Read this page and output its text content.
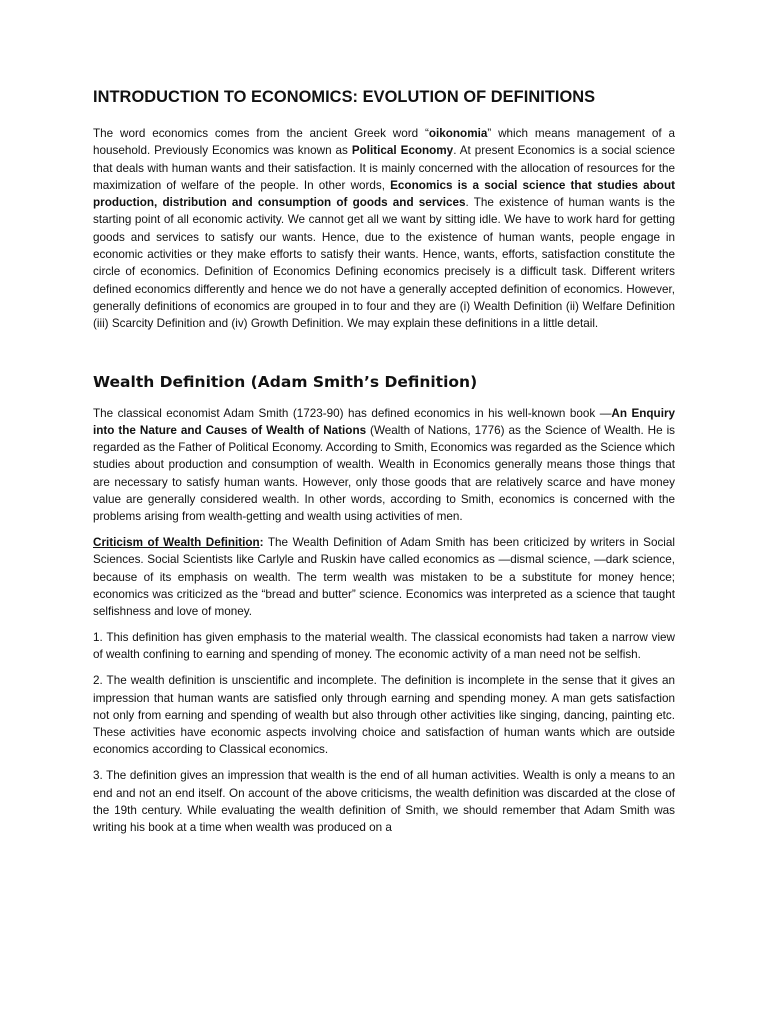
INTRODUCTION TO ECONOMICS: EVOLUTION OF DEFINITIONS

The word economics comes from the ancient Greek word “oikonomia” which means management of a household. Previously Economics was known as Political Economy. At present Economics is a social science that deals with human wants and their satisfaction. It is mainly concerned with the allocation of resources for the maximization of welfare of the people. In other words, Economics is a social science that studies about production, distribution and consumption of goods and services. The existence of human wants is the starting point of all economic activity. We cannot get all we want by sitting idle. We have to work hard for getting goods and services to satisfy our wants. Hence, due to the existence of human wants, people engage in economic activities or they make efforts to satisfy their wants. Hence, wants, efforts, satisfaction constitute the circle of economics. Definition of Economics Defining economics precisely is a difficult task. Different writers defined economics differently and hence we do not have a generally accepted definition of economics. However, generally definitions of economics are grouped in to four and they are (i) Wealth Definition (ii) Welfare Definition (iii) Scarcity Definition and (iv) Growth Definition. We may explain these definitions in a little detail.

Wealth Definition (Adam Smith’s Definition)

The classical economist Adam Smith (1723-90) has defined economics in his well-known book —An Enquiry into the Nature and Causes of Wealth of Nations (Wealth of Nations, 1776) as the Science of Wealth. He is regarded as the Father of Political Economy. According to Smith, Economics was regarded as the Science which studies about production and consumption of wealth. Wealth in Economics generally means those things that are necessary to satisfy human wants. However, only those goods that are relatively scarce and have money value are generally considered wealth. In other words, according to Smith, economics is concerned with the problems arising from wealth-getting and wealth using activities of men.

Criticism of Wealth Definition: The Wealth Definition of Adam Smith has been criticized by writers in Social Sciences. Social Scientists like Carlyle and Ruskin have called economics as —dismal science, —dark science, because of its emphasis on wealth. The term wealth was mistaken to be a substitute for money hence; economics was criticized as the “bread and butter” science. Economics was interpreted as a science that taught selfishness and love of money.

1. This definition has given emphasis to the material wealth. The classical economists had taken a narrow view of wealth confining to earning and spending of money. The economic activity of a man need not be selfish.

2. The wealth definition is unscientific and incomplete. The definition is incomplete in the sense that it gives an impression that human wants are satisfied only through earning and spending money. A man gets satisfaction not only from earning and spending of wealth but also through other activities like singing, dancing, painting etc. These activities have economic aspects involving choice and satisfaction of human wants which are outside economics according to Classical economics.

3. The definition gives an impression that wealth is the end of all human activities. Wealth is only a means to an end and not an end itself. On account of the above criticisms, the wealth definition was discarded at the close of the 19th century. While evaluating the wealth definition of Smith, we should remember that Adam Smith was writing his book at a time when wealth was produced on a
